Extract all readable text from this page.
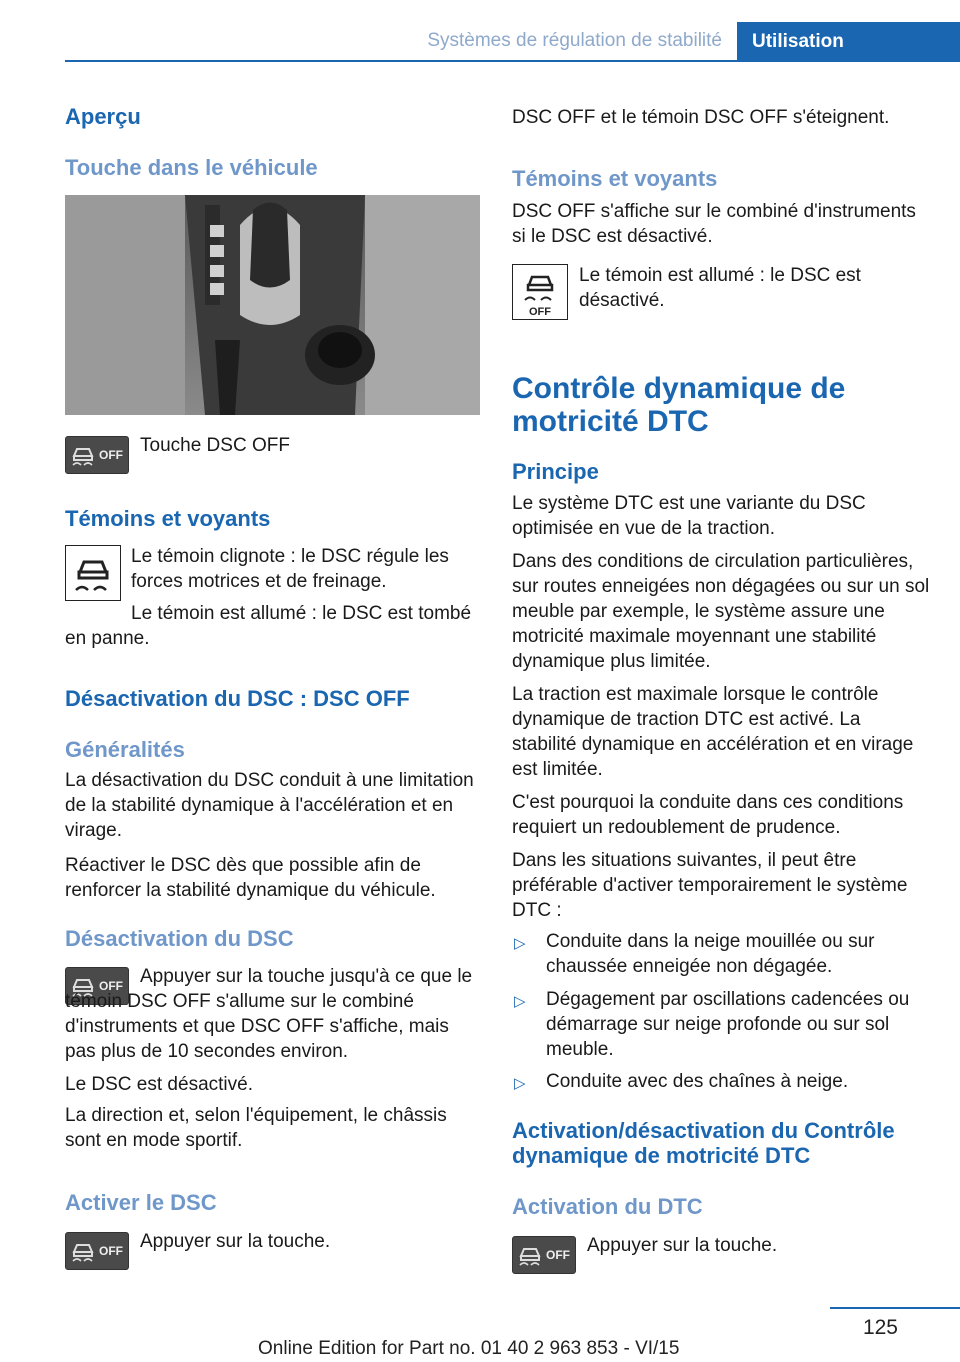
Systèmes de régulation de stabilité	Utilisation
Aperçu
Touche dans le véhicule
OFF Touche DSC OFF
Témoins et voyants
Le témoin clignote : le DSC régule les forces motrices et de freinage.
Le témoin est allumé : le DSC est tombé en panne.
Désactivation du DSC : DSC OFF
Généralités
La désactivation du DSC conduit à une limitation de la stabilité dynamique à l'accélération et en virage.
Réactiver le DSC dès que possible afin de renforcer la stabilité dynamique du véhicule.
Désactivation du DSC
OFF Appuyer sur la touche jusqu'à ce que le témoin DSC OFF s'allume sur le combiné d'instruments et que DSC OFF s'affiche, mais pas plus de 10 secondes environ.
Le DSC est désactivé.
La direction et, selon l'équipement, le châssis sont en mode sportif.
Activer le DSC
OFF Appuyer sur la touche.
DSC OFF et le témoin DSC OFF s'éteignent.
Témoins et voyants
DSC OFF s'affiche sur le combiné d'instruments si le DSC est désactivé.
OFF
Le témoin est allumé : le DSC est désactivé.
Contrôle dynamique de motricité DTC
Principe
Le système DTC est une variante du DSC optimisée en vue de la traction.
Dans des conditions de circulation particulières, sur routes enneigées non dégagées ou sur un sol meuble par exemple, le système assure une motricité maximale moyennant une stabilité dynamique plus limitée.
La traction est maximale lorsque le contrôle dynamique de traction DTC est activé. La stabilité dynamique en accélération et en virage est limitée.
C'est pourquoi la conduite dans ces conditions requiert un redoublement de prudence.
Dans les situations suivantes, il peut être préférable d'activer temporairement le système DTC :
▷ Conduite dans la neige mouillée ou sur chaussée enneigée non dégagée.
▷ Dégagement par oscillations cadencées ou démarrage sur neige profonde ou sur sol meuble.
▷ Conduite avec des chaînes à neige.
Activation/désactivation du Contrôle dynamique de motricité DTC
Activation du DTC
OFF Appuyer sur la touche.
125
Online Edition for Part no. 01 40 2 963 853 - VI/15
